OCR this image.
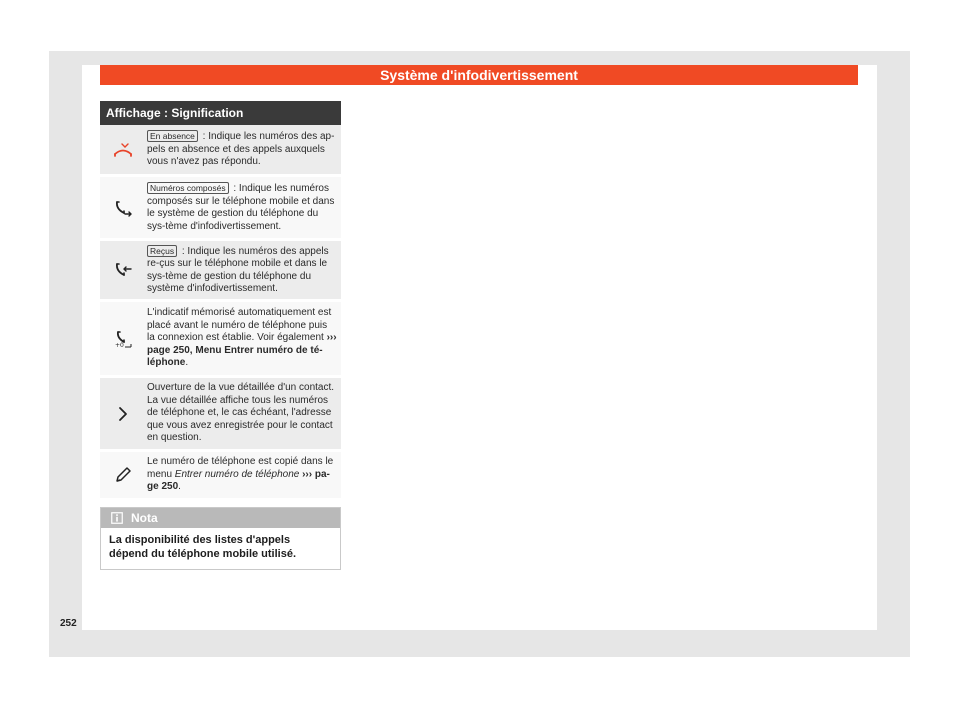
Système d'infodivertissement
Affichage : Signification
En absence : Indique les numéros des ap-pels en absence et des appels auxquels vous n'avez pas répondu.
Numéros composés : Indique les numéros composés sur le téléphone mobile et dans le système de gestion du téléphone du sys-tème d'infodivertissement.
Reçus : Indique les numéros des appels re-çus sur le téléphone mobile et dans le sys-tème de gestion du téléphone du système d'infodivertissement.
+0
L'indicatif mémorisé automatiquement est placé avant le numéro de téléphone puis la connexion est établie. Voir également ››› page 250, Menu Entrer numéro de té-léphone.
Ouverture de la vue détaillée d'un contact. La vue détaillée affiche tous les numéros de téléphone et, le cas échéant, l'adresse que vous avez enregistrée pour le contact en question.
Le numéro de téléphone est copié dans le menu Entrer numéro de téléphone ››› pa-ge 250.
Nota
La disponibilité des listes d'appels dépend du téléphone mobile utilisé.
252
